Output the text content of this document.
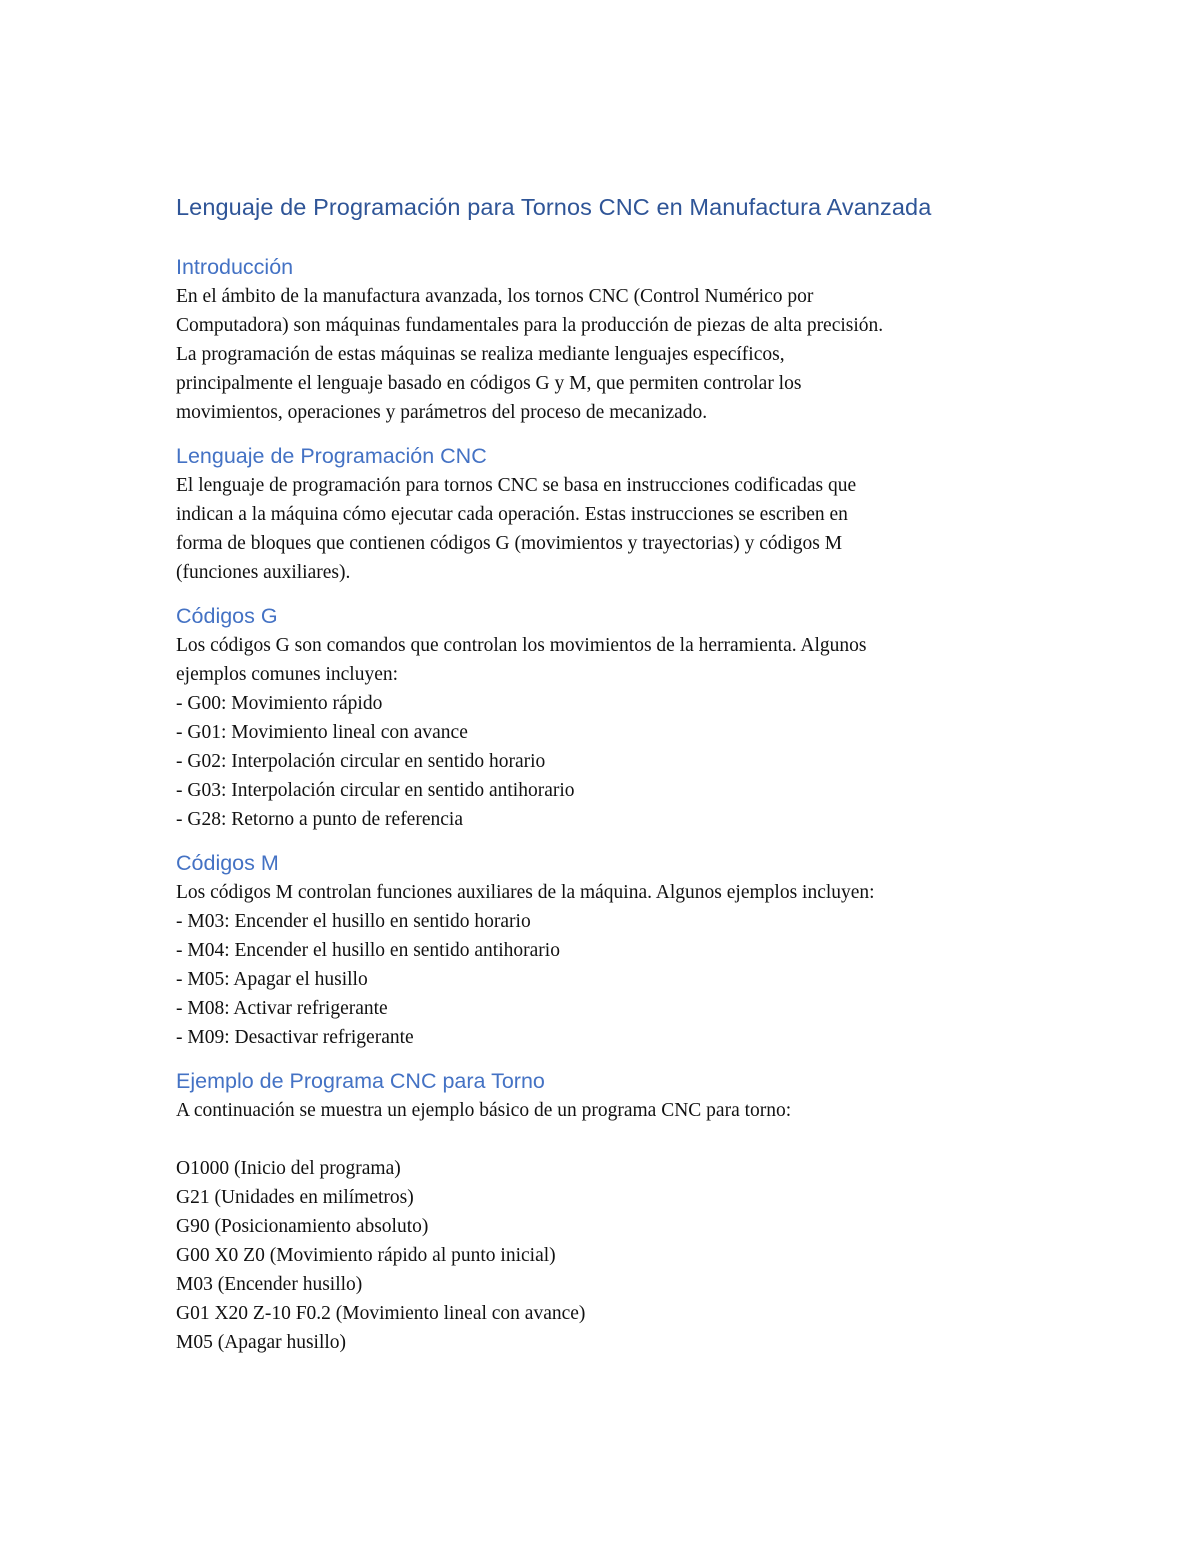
Lenguaje de Programación para Tornos CNC en Manufactura Avanzada
Introducción
En el ámbito de la manufactura avanzada, los tornos CNC (Control Numérico por
Computadora) son máquinas fundamentales para la producción de piezas de alta precisión.
La programación de estas máquinas se realiza mediante lenguajes específicos,
principalmente el lenguaje basado en códigos G y M, que permiten controlar los
movimientos, operaciones y parámetros del proceso de mecanizado.
Lenguaje de Programación CNC
El lenguaje de programación para tornos CNC se basa en instrucciones codificadas que
indican a la máquina cómo ejecutar cada operación. Estas instrucciones se escriben en
forma de bloques que contienen códigos G (movimientos y trayectorias) y códigos M
(funciones auxiliares).
Códigos G
Los códigos G son comandos que controlan los movimientos de la herramienta. Algunos
ejemplos comunes incluyen:
- G00: Movimiento rápido
- G01: Movimiento lineal con avance
- G02: Interpolación circular en sentido horario
- G03: Interpolación circular en sentido antihorario
- G28: Retorno a punto de referencia
Códigos M
Los códigos M controlan funciones auxiliares de la máquina. Algunos ejemplos incluyen:
- M03: Encender el husillo en sentido horario
- M04: Encender el husillo en sentido antihorario
- M05: Apagar el husillo
- M08: Activar refrigerante
- M09: Desactivar refrigerante
Ejemplo de Programa CNC para Torno
A continuación se muestra un ejemplo básico de un programa CNC para torno:
O1000 (Inicio del programa)
G21 (Unidades en milímetros)
G90 (Posicionamiento absoluto)
G00 X0 Z0 (Movimiento rápido al punto inicial)
M03 (Encender husillo)
G01 X20 Z-10 F0.2 (Movimiento lineal con avance)
M05 (Apagar husillo)
